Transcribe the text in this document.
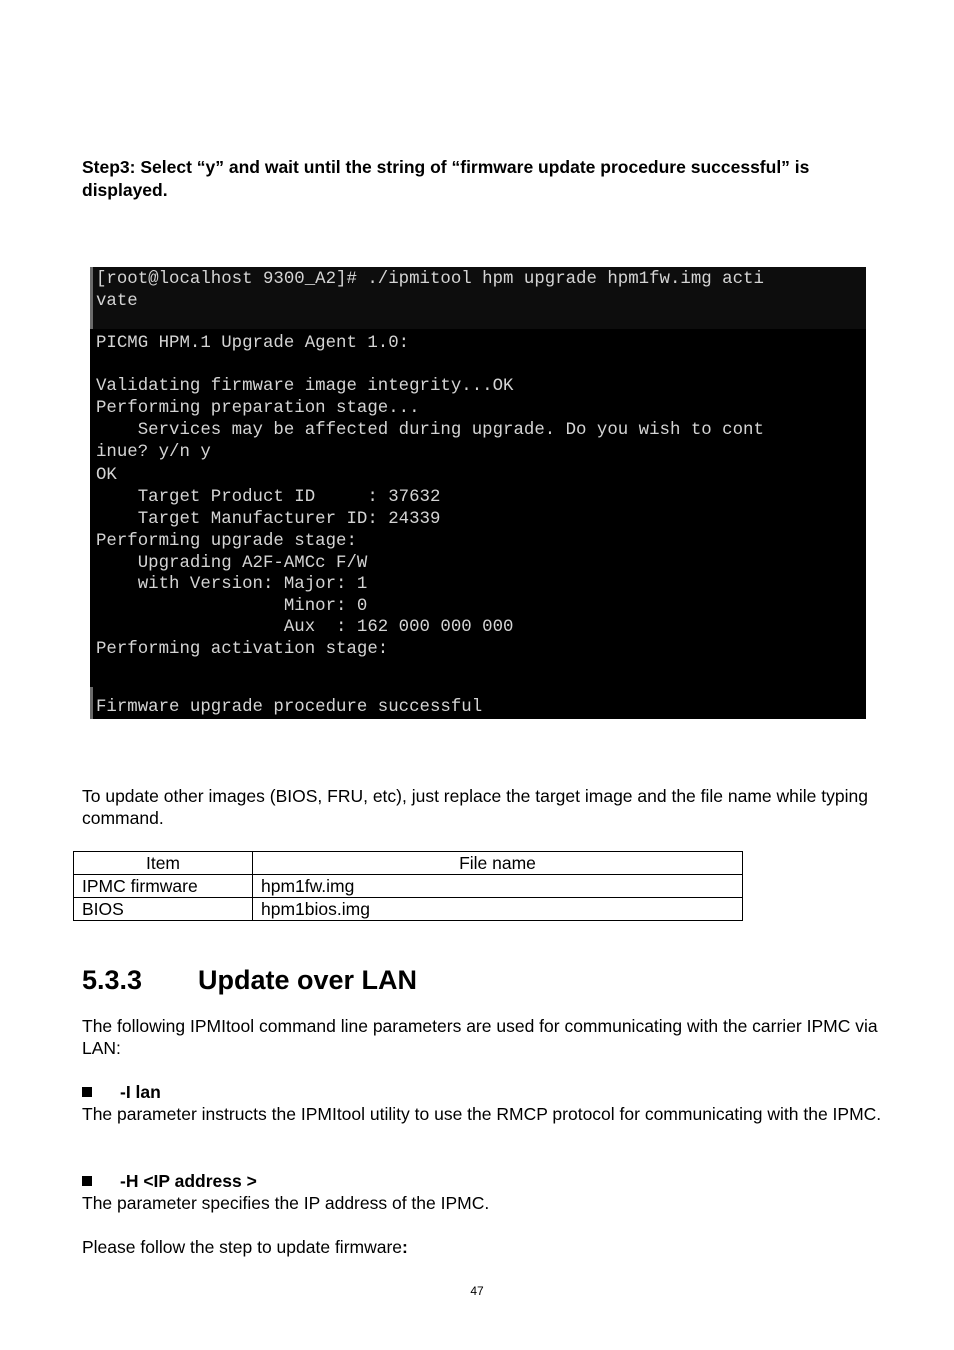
Step3: Select “y” and wait until the string of “firmware update procedure successful” is displayed.
[root@localhost 9300_A2]# ./ipmitool hpm upgrade hpm1fw.img acti
vate
PICMG HPM.1 Upgrade Agent 1.0:
Validating firmware image integrity...OK
Performing preparation stage...
Services may be affected during upgrade. Do you wish to cont
inue? y/n y
OK
Target Product ID     : 37632
Target Manufacturer ID: 24339
Performing upgrade stage:
Upgrading A2F-AMCc F/W
with Version: Major: 1
Minor: 0
Aux  : 162 000 000 000
Performing activation stage:
Firmware upgrade procedure successful
To update other images (BIOS, FRU, etc), just replace the target image and the file name while typing command.
Item	File name
IPMC firmware	hpm1fw.img
BIOS	hpm1bios.img
5.3.3 Update over LAN
The following IPMItool command line parameters are used for communicating with the carrier IPMC via LAN:
-I lan
The parameter instructs the IPMItool utility to use the RMCP protocol for communicating with the IPMC.
-H <IP address >
The parameter specifies the IP address of the IPMC.
Please follow the step to update firmware:
47
